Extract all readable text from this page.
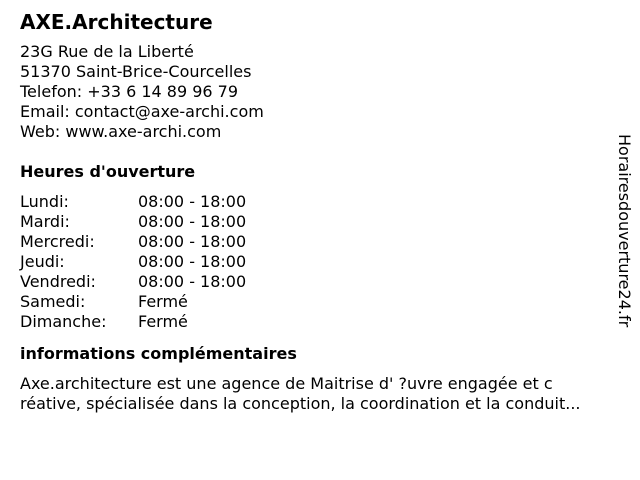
AXE.Architecture
23G Rue de la Liberté
51370 Saint-Brice-Courcelles
Telefon: +33 6 14 89 96 79
Email: contact@axe-archi.com
Web: www.axe-archi.com
Heures d'ouverture
Lundi:	08:00 - 18:00
Mardi:	08:00 - 18:00
Mercredi:	08:00 - 18:00
Jeudi:	08:00 - 18:00
Vendredi:	08:00 - 18:00
Samedi:	Fermé
Dimanche:	Fermé
informations complémentaires
Axe.architecture est une agence de Maitrise d' ?uvre engagée et c
réative, spécialisée dans la conception, la coordination et la conduit...
Horairesdouverture24.fr
